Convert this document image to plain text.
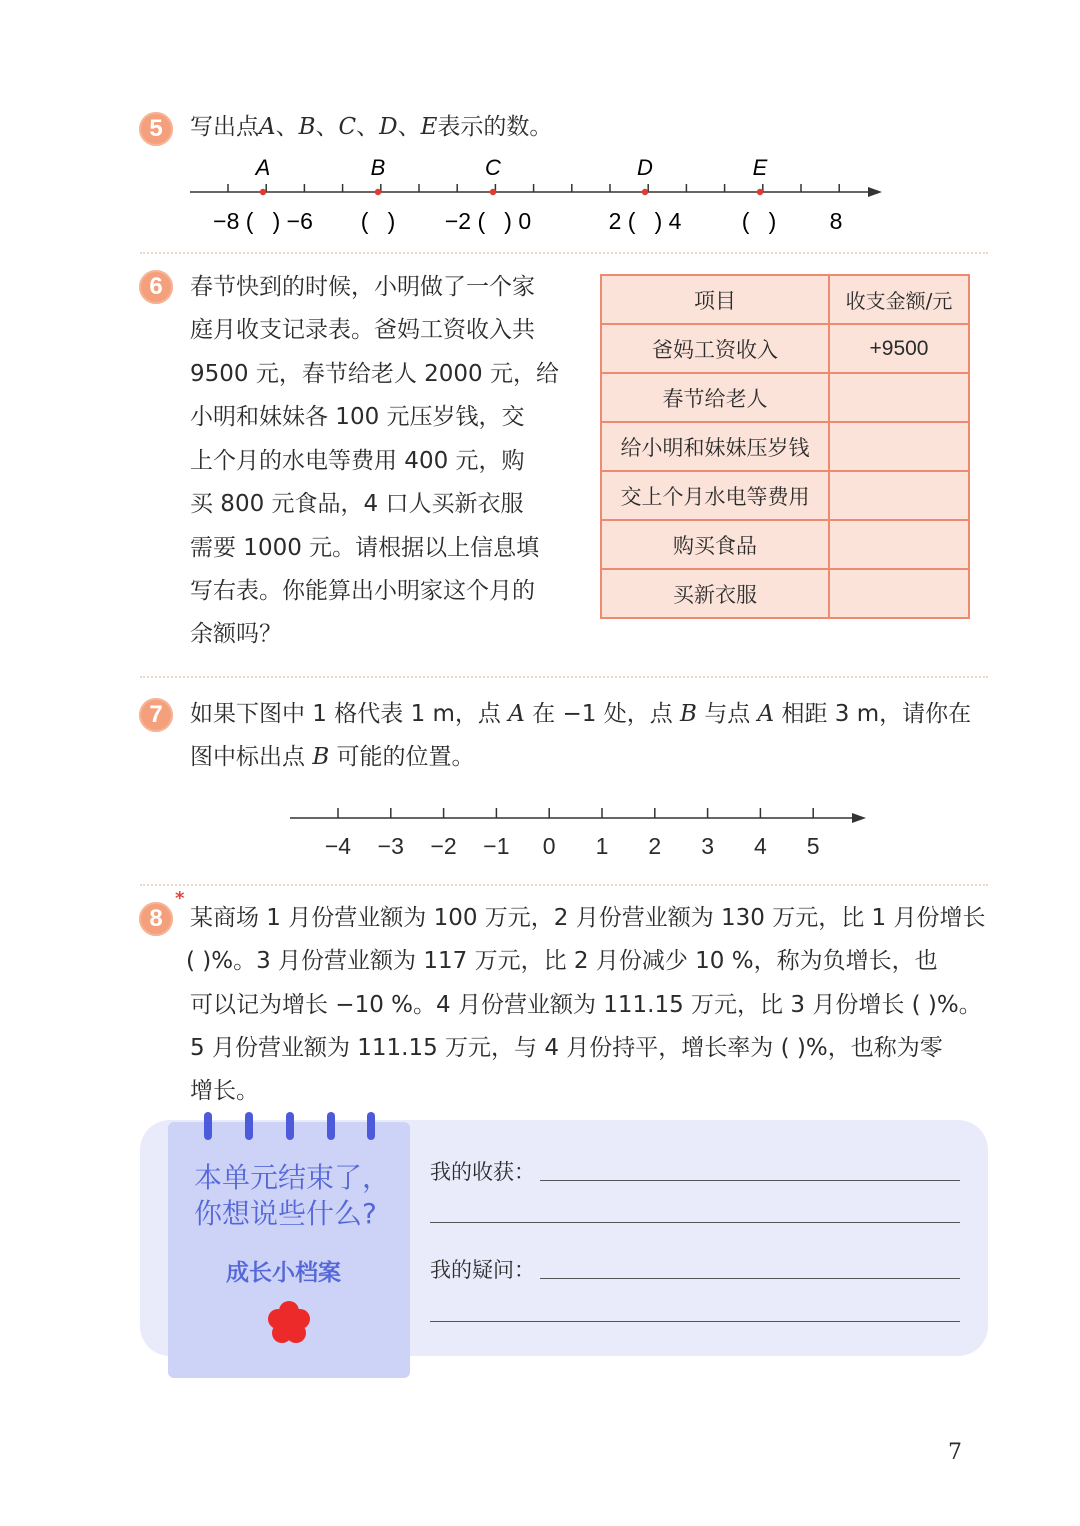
5	写出点A、B、C、D、E表示的数。
A	B	C	D	E
−8 (   ) −6 (   ) −2 (   ) 0	2 (   ) 4	(   ) 8
6	春节快到的时候，小明做了一个家
庭月收支记录表。爸妈工资收入共
9500 元，春节给老人 2000 元，给
小明和妹妹各 100 元压岁钱，交
上个月的水电等费用 400 元，购
买 800 元食品，4 口人买新衣服
需要 1000 元。请根据以上信息填
写右表。你能算出小明家这个月的
余额吗？
项目	收支金额/元
爸妈工资收入	+9500
春节给老人	
给小明和妹妹压岁钱	
交上个月水电等费用	
购买食品	
买新衣服	
7	如果下图中 1 格代表 1 m，点 A 在 −1 处，点 B 与点 A 相距 3 m，请你在
图中标出点 B 可能的位置。
−4 −3 −2 −1 0 1 2 3 4 5
8
*
某商场 1 月份营业额为 100 万元，2 月份营业额为 130 万元，比 1 月份增长
( )%。3 月份营业额为 117 万元，比 2 月份减少 10 %，称为负增长，也
可以记为增长 −10 %。4 月份营业额为 111.15 万元，比 3 月份增长 ( )%。
5 月份营业额为 111.15 万元，与 4 月份持平，增长率为 ( )%，也称为零
增长。
本单元结束了，
你想说些什么?
成长小档案
我的收获：
我的疑问：
7
